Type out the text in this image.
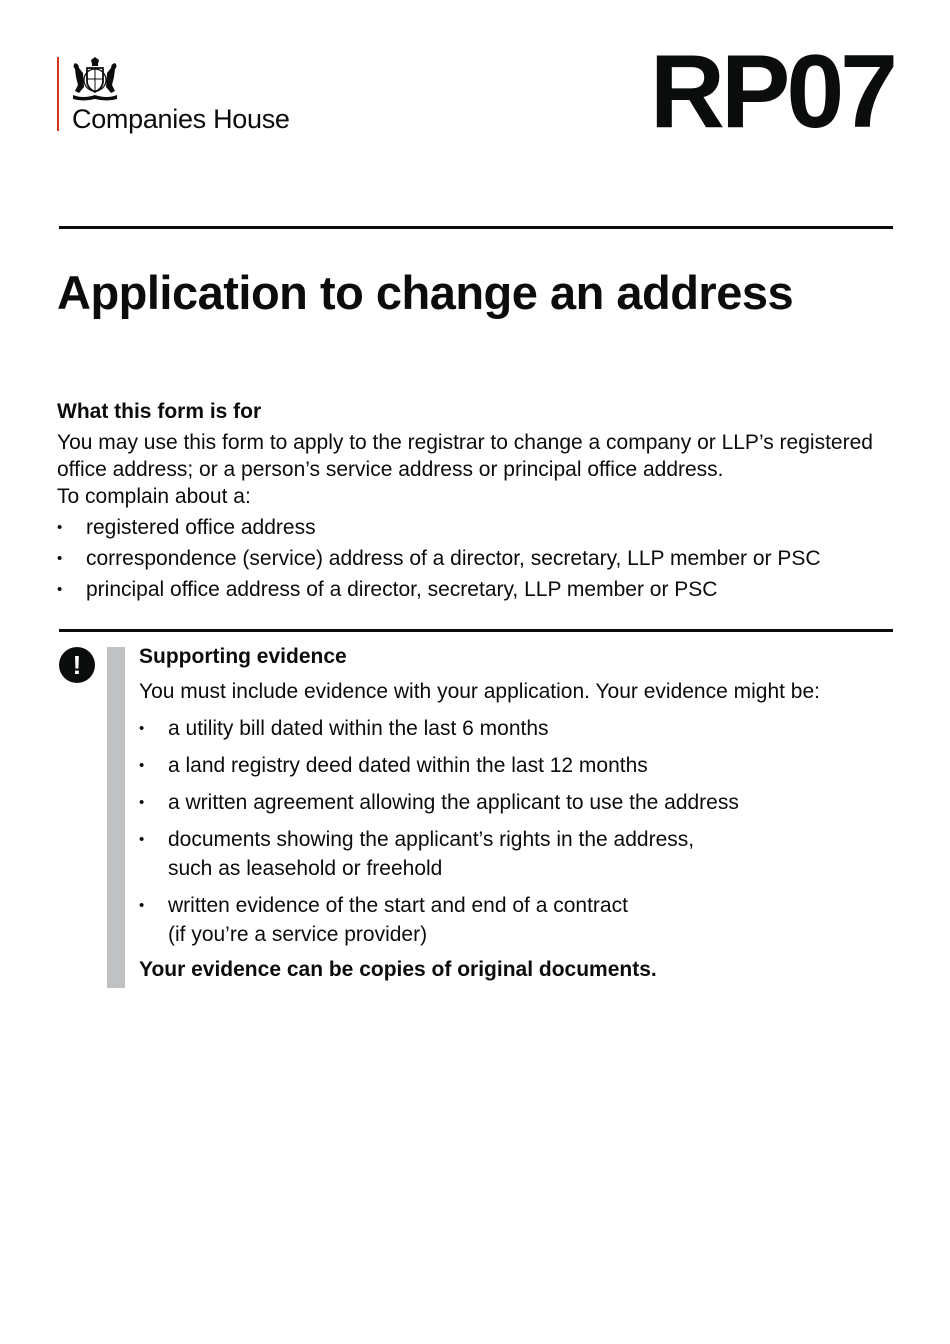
Companies House	RP07
Application to change an address
What this form is for

You may use this form to apply to the registrar to change a company or LLP’s registered office address; or a person’s service address or principal office address.

To complain about a:

• registered office address
• correspondence (service) address of a director, secretary, LLP member or PSC
• principal office address of a director, secretary, LLP member or PSC
!	Supporting evidence

You must include evidence with your application. Your evidence might be:

• a utility bill dated within the last 6 months
• a land registry deed dated within the last 12 months
• a written agreement allowing the applicant to use the address
• documents showing the applicant’s rights in the address,
such as leasehold or freehold
• written evidence of the start and end of a contract
(if you’re a service provider)

Your evidence can be copies of original documents.
